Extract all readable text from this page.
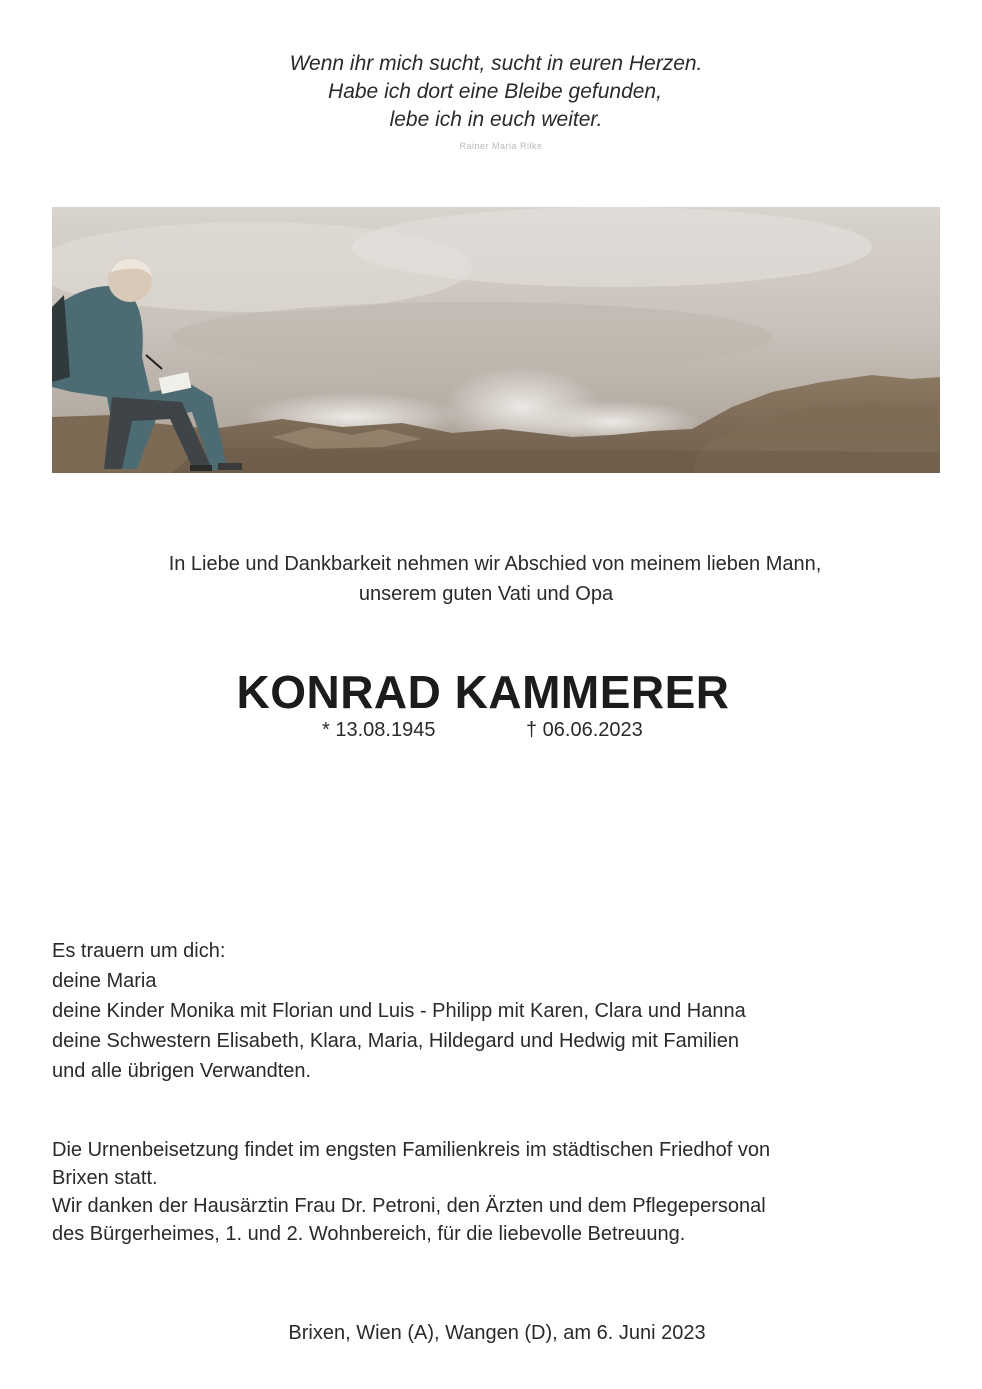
Wenn ihr mich sucht, sucht in euren Herzen.
Habe ich dort eine Bleibe gefunden,
lebe ich in euch weiter.
Rainer Maria Rilke
In Liebe und Dankbarkeit nehmen wir Abschied von meinem lieben Mann,
unserem guten Vati und Opa
KONRAD KAMMERER
* 13.08.1945	† 06.06.2023
Es trauern um dich:
deine Maria
deine Kinder Monika mit Florian und Luis - Philipp mit Karen, Clara und Hanna
deine Schwestern Elisabeth, Klara, Maria, Hildegard und Hedwig mit Familien
und alle übrigen Verwandten.
Die Urnenbeisetzung findet im engsten Familienkreis im städtischen Friedhof von
Brixen statt.
Wir danken der Hausärztin Frau Dr. Petroni, den Ärzten und dem Pflegepersonal
des Bürgerheimes, 1. und 2. Wohnbereich, für die liebevolle Betreuung.
Brixen, Wien (A), Wangen (D), am 6. Juni 2023
